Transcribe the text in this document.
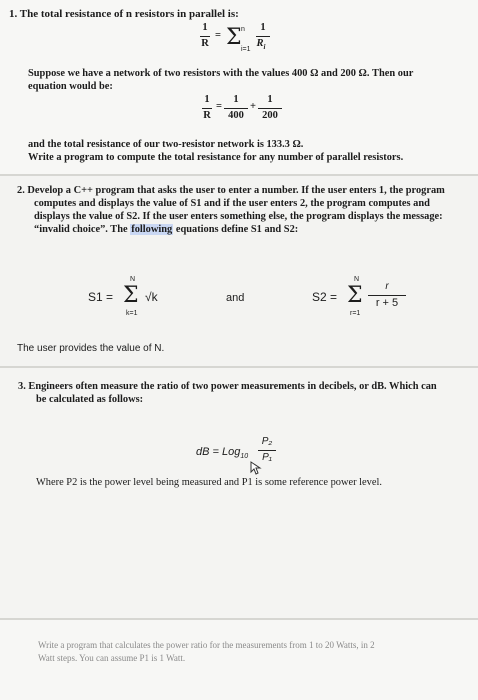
1. The total resistance of n resistors in parallel is:
1
R
= Σ n
i=1
1
$R_i$
Suppose we have a network of two resistors with the values 400 Ω and 200 Ω. Then our
equation would be:
1
R
=
1
400
+
1
200
and the total resistance of our two-resistor network is 133.3 Ω.
Write a program to compute the total resistance for any number of parallel resistors.
2. Develop a C++ program that asks the user to enter a number. If the user enters 1, the program
computes and displays the value of S1 and if the user enters 2, the program computes and
displays the value of S2. If the user enters something else, the program displays the message:
“invalid choice”. The following equations define S1 and S2:
S1 =
N
Σ
k=1
√k	and	S2 =
N
Σ
r=1
r
r + 5
The user provides the value of N.
3. Engineers often measure the ratio of two power measurements in decibels, or dB. Which can
be calculated as follows:
dB = Log$_{10}$
P₂
P₁
Where P2 is the power level being measured and P1 is some reference power level.
Write a program that calculates the power ratio for the measurements from 1 to 20 Watts, in 2
Watt steps. You can assume P1 is 1 Watt.
